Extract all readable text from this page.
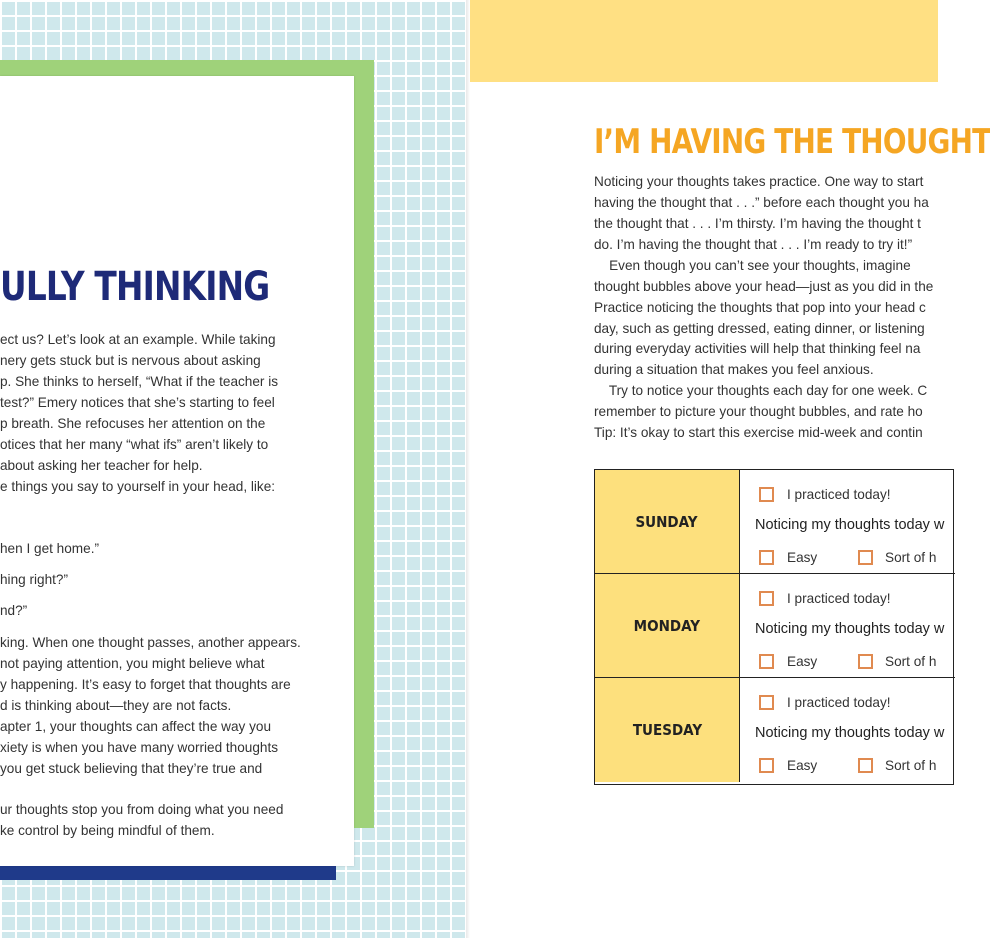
ULLY THINKING
ect us? Let’s look at an example. While taking
nery gets stuck but is nervous about asking
p. She thinks to herself, “What if the teacher is
test?” Emery notices that she’s starting to feel
p breath. She refocuses her attention on the
otices that her many “what ifs” aren’t likely to
about asking her teacher for help.
e things you say to yourself in your head, like:
hen I get home.”
hing right?”
nd?”
king. When one thought passes, another appears.
not paying attention, you might believe what
y happening. It’s easy to forget that thoughts are
d is thinking about—they are not facts.
apter 1, your thoughts can affect the way you
xiety is when you have many worried thoughts
you get stuck believing that they’re true and
ur thoughts stop you from doing what you need
ke control by being mindful of them.
I’M HAVING THE THOUGHT
Noticing your thoughts takes practice. One way to start
having the thought that . . .” before each thought you ha
the thought that . . . I’m thirsty. I’m having the thought t
do. I’m having the thought that . . . I’m ready to try it!”
Even though you can’t see your thoughts, imagine
thought bubbles above your head—just as you did in the
Practice noticing the thoughts that pop into your head c
day, such as getting dressed, eating dinner, or listening
during everyday activities will help that thinking feel na
during a situation that makes you feel anxious.
Try to notice your thoughts each day for one week. C
remember to picture your thought bubbles, and rate ho
Tip: It’s okay to start this exercise mid-week and contin
SUNDAY
I practiced today!
Noticing my thoughts today w
Easy	Sort of h
MONDAY
I practiced today!
Noticing my thoughts today w
Easy	Sort of h
TUESDAY
I practiced today!
Noticing my thoughts today w
Easy	Sort of h
